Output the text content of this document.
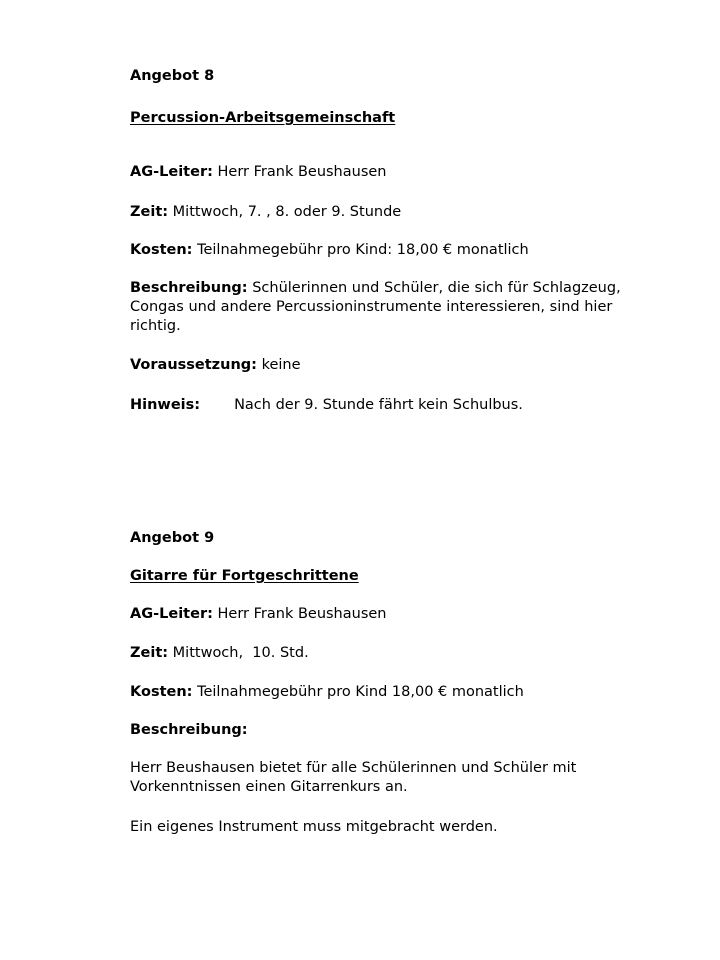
Angebot 8
Percussion-Arbeitsgemeinschaft
AG-Leiter: Herr Frank Beushausen
Zeit: Mittwoch, 7. , 8. oder 9. Stunde
Kosten: Teilnahmegebühr pro Kind: 18,00 € monatlich
Beschreibung: Schülerinnen und Schüler, die sich für Schlagzeug, Congas und andere Percussioninstrumente interessieren, sind hier richtig.
Voraussetzung: keine
Hinweis: Nach der 9. Stunde fährt kein Schulbus.
Angebot 9
Gitarre für Fortgeschrittene
AG-Leiter: Herr Frank Beushausen
Zeit: Mittwoch,  10. Std.
Kosten: Teilnahmegebühr pro Kind 18,00 € monatlich
Beschreibung:
Herr Beushausen bietet für alle Schülerinnen und Schüler mit Vorkenntnissen einen Gitarrenkurs an.
Ein eigenes Instrument muss mitgebracht werden.
